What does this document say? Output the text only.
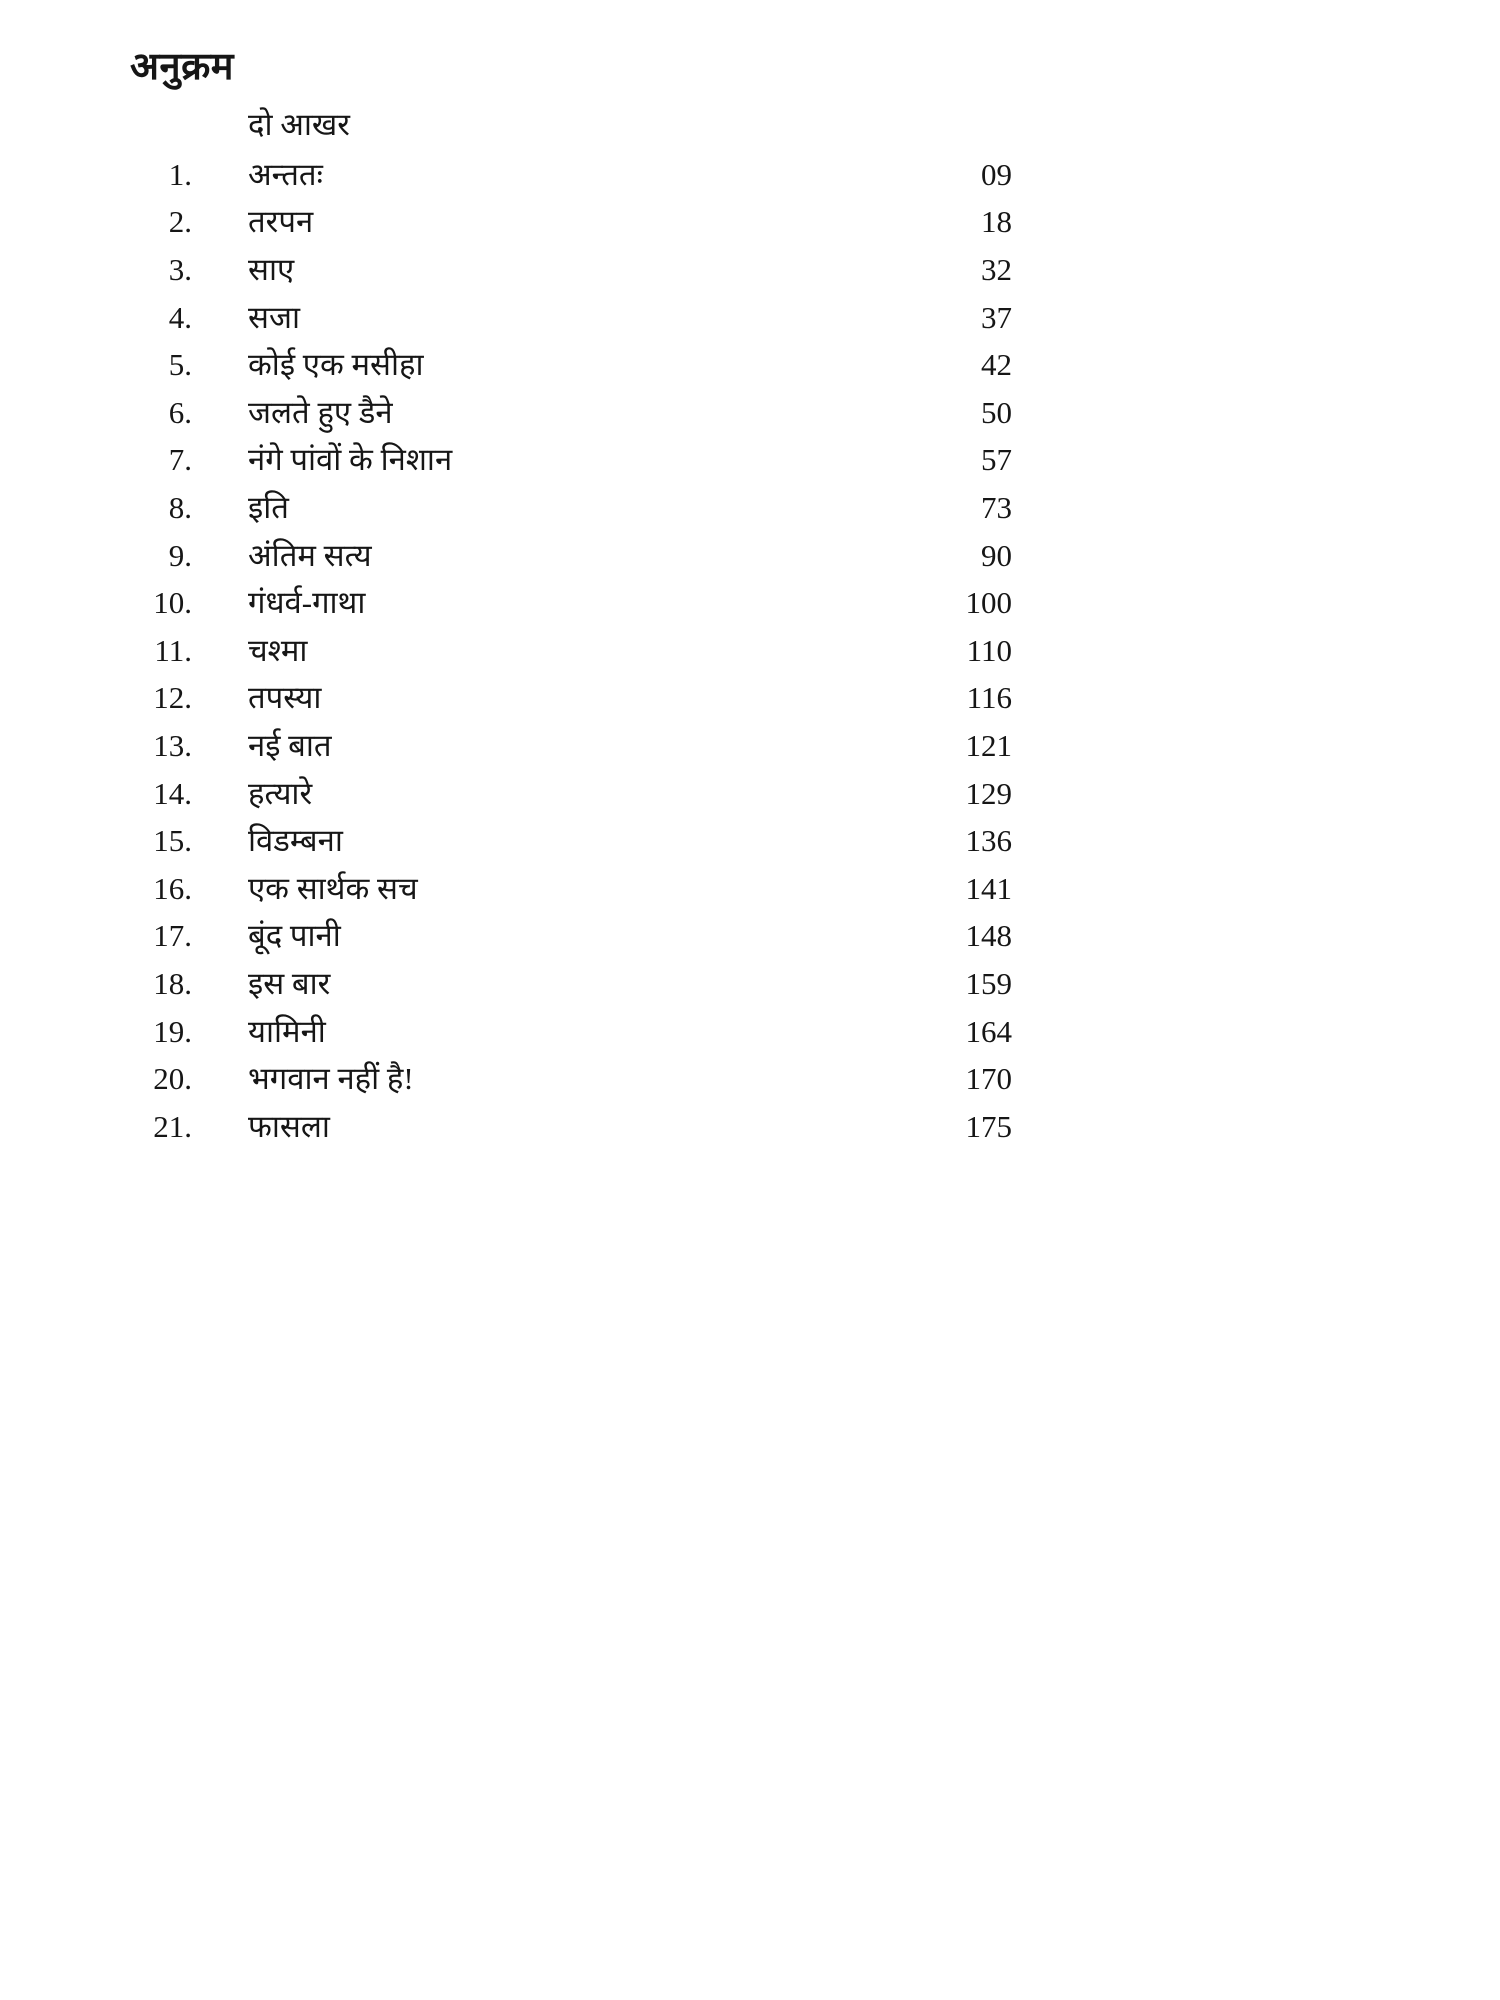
अनुक्रम
दो आखर
1. अन्ततः	09
2. तरपन	18
3. साए	32
4. सजा	37
5. कोई एक मसीहा	42
6. जलते हुए डैने	50
7. नंगे पांवों के निशान	57
8. इति	73
9. अंतिम सत्य	90
10. गंधर्व-गाथा	100
11. चश्मा	110
12. तपस्या	116
13. नई बात	121
14. हत्यारे	129
15. विडम्बना	136
16. एक सार्थक सच	141
17. बूंद पानी	148
18. इस बार	159
19. यामिनी	164
20. भगवान नहीं है!	170
21. फासला	175
